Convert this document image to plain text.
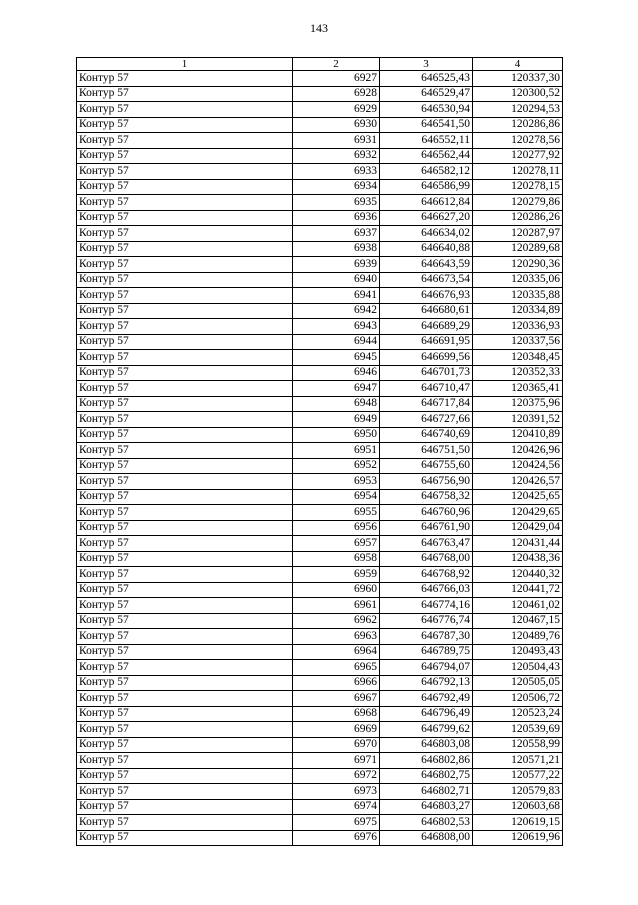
143
1	2	3	4
Контур 57	6927	646525,43	120337,30
Контур 57	6928	646529,47	120300,52
Контур 57	6929	646530,94	120294,53
Контур 57	6930	646541,50	120286,86
Контур 57	6931	646552,11	120278,56
Контур 57	6932	646562,44	120277,92
Контур 57	6933	646582,12	120278,11
Контур 57	6934	646586,99	120278,15
Контур 57	6935	646612,84	120279,86
Контур 57	6936	646627,20	120286,26
Контур 57	6937	646634,02	120287,97
Контур 57	6938	646640,88	120289,68
Контур 57	6939	646643,59	120290,36
Контур 57	6940	646673,54	120335,06
Контур 57	6941	646676,93	120335,88
Контур 57	6942	646680,61	120334,89
Контур 57	6943	646689,29	120336,93
Контур 57	6944	646691,95	120337,56
Контур 57	6945	646699,56	120348,45
Контур 57	6946	646701,73	120352,33
Контур 57	6947	646710,47	120365,41
Контур 57	6948	646717,84	120375,96
Контур 57	6949	646727,66	120391,52
Контур 57	6950	646740,69	120410,89
Контур 57	6951	646751,50	120426,96
Контур 57	6952	646755,60	120424,56
Контур 57	6953	646756,90	120426,57
Контур 57	6954	646758,32	120425,65
Контур 57	6955	646760,96	120429,65
Контур 57	6956	646761,90	120429,04
Контур 57	6957	646763,47	120431,44
Контур 57	6958	646768,00	120438,36
Контур 57	6959	646768,92	120440,32
Контур 57	6960	646766,03	120441,72
Контур 57	6961	646774,16	120461,02
Контур 57	6962	646776,74	120467,15
Контур 57	6963	646787,30	120489,76
Контур 57	6964	646789,75	120493,43
Контур 57	6965	646794,07	120504,43
Контур 57	6966	646792,13	120505,05
Контур 57	6967	646792,49	120506,72
Контур 57	6968	646796,49	120523,24
Контур 57	6969	646799,62	120539,69
Контур 57	6970	646803,08	120558,99
Контур 57	6971	646802,86	120571,21
Контур 57	6972	646802,75	120577,22
Контур 57	6973	646802,71	120579,83
Контур 57	6974	646803,27	120603,68
Контур 57	6975	646802,53	120619,15
Контур 57	6976	646808,00	120619,96
